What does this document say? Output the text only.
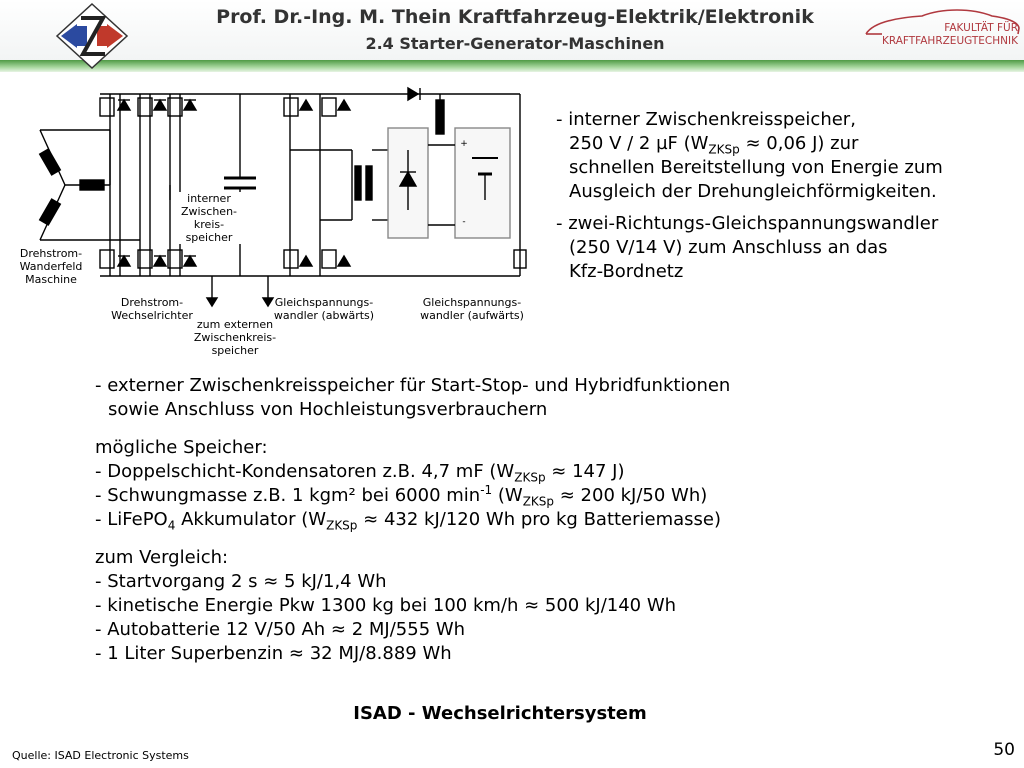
Prof. Dr.-Ing. M. Thein Kraftfahrzeug-Elektrik/Elektronik
2.4 Starter-Generator-Maschinen
FAKULTÄT FÜR
KRAFTFAHRZEUGTECHNIK
Drehstrom-
Wanderfeld
Maschine
Drehstrom-
Wechselrichter
interner
Zwischen-
kreis-
speicher
zum externen
Zwischenkreis-
speicher
Gleichspannungs-
wandler (abwärts)
Gleichspannungs-
wandler (aufwärts)
+
-
- interner Zwischenkreisspeicher,
250 V / 2 µF ($W_{ZKSp} \approx 0,06$ J) zur
schnellen Bereitstellung von Energie zum
Ausgleich der Drehungleichförmigkeiten.
- zwei-Richtungs-Gleichspannungswandler
(250 V/14 V) zum Anschluss an das
Kfz-Bordnetz
- externer Zwischenkreisspeicher für Start-Stop- und Hybridfunktionen
sowie Anschluss von Hochleistungsverbrauchern
mögliche Speicher:
- Doppelschicht-Kondensatoren z.B. 4,7 mF ($W_{ZKSp} \approx 147$ J)
- Schwungmasse z.B. 1 kgm² bei 6000 $\min^{-1} (W_{ZKSp} \approx 200$ kJ/50 Wh)
- LiFePO$_4$ Akkumulator ($W_{ZKSp} \approx 432$ kJ/120 Wh pro kg Batteriemasse)
zum Vergleich:
- Startvorgang 2 s ≈ 5 kJ/1,4 Wh
- kinetische Energie Pkw 1300 kg bei 100 km/h ≈ 500 kJ/140 Wh
- Autobatterie 12 V/50 Ah ≈ 2 MJ/555 Wh
- 1 Liter Superbenzin ≈ 32 MJ/8.889 Wh
ISAD - Wechselrichtersystem
Quelle: ISAD Electronic Systems	50
